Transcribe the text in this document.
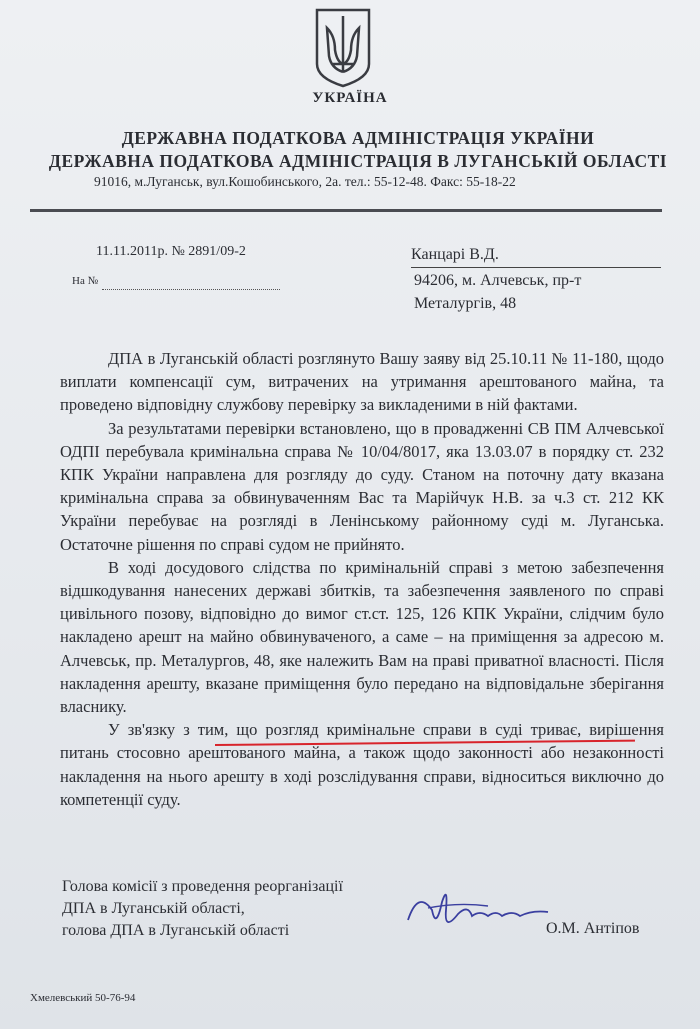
УКРАЇНА
ДЕРЖАВНА ПОДАТКОВА АДМІНІСТРАЦІЯ УКРАЇНИ
ДЕРЖАВНА ПОДАТКОВА АДМІНІСТРАЦІЯ В ЛУГАНСЬКІЙ ОБЛАСТІ
91016, м.Луганськ, вул.Кошобинського, 2а. тел.: 55-12-48. Факс: 55-18-22
11.11.2011р. № 2891/09-2
На №
Канцарі В.Д.
94206, м. Алчевськ, пр-т
Металургів, 48

ДПА в Луганській області розглянуто Вашу заяву від 25.10.11 № 11-180, щодо виплати компенсації сум, витрачених на утримання арештованого майна, та проведено відповідну службову перевірку за викладеними в ній фактами.

За результатами перевірки встановлено, що в провадженні СВ ПМ Алчевської ОДПІ перебувала кримінальна справа № 10/04/8017, яка 13.03.07 в порядку ст. 232 КПК України направлена для розгляду до суду. Станом на поточну дату вказана кримінальна справа за обвинуваченням Вас та Марійчук Н.В. за ч.3 ст. 212 КК України перебуває на розгляді в Ленінському районному суді м. Луганська. Остаточне рішення по справі судом не прийнято.

В ході досудового слідства по кримінальній справі з метою забезпечення відшкодування нанесених державі збитків, та забезпечення заявленого по справі цивільного позову, відповідно до вимог ст.ст. 125, 126 КПК України, слідчим було накладено арешт на майно обвинуваченого, а саме – на приміщення за адресою м. Алчевськ, пр. Металургов, 48, яке належить Вам на праві приватної власності. Після накладення арешту, вказане приміщення було передано на відповідальне зберігання власнику.

У зв'язку з тим, що розгляд кримінальне справи в суді триває, вирішення питань стосовно арештованого майна, а також щодо законності або незаконності накладення на нього арешту в ході розслідування справи, відноситься виключно до компетенції суду.

Голова комісії з проведення реорганізації
ДПА в Луганській області,
голова ДПА в Луганській області	О.М. Антіпов
Хмелевський 50-76-94
